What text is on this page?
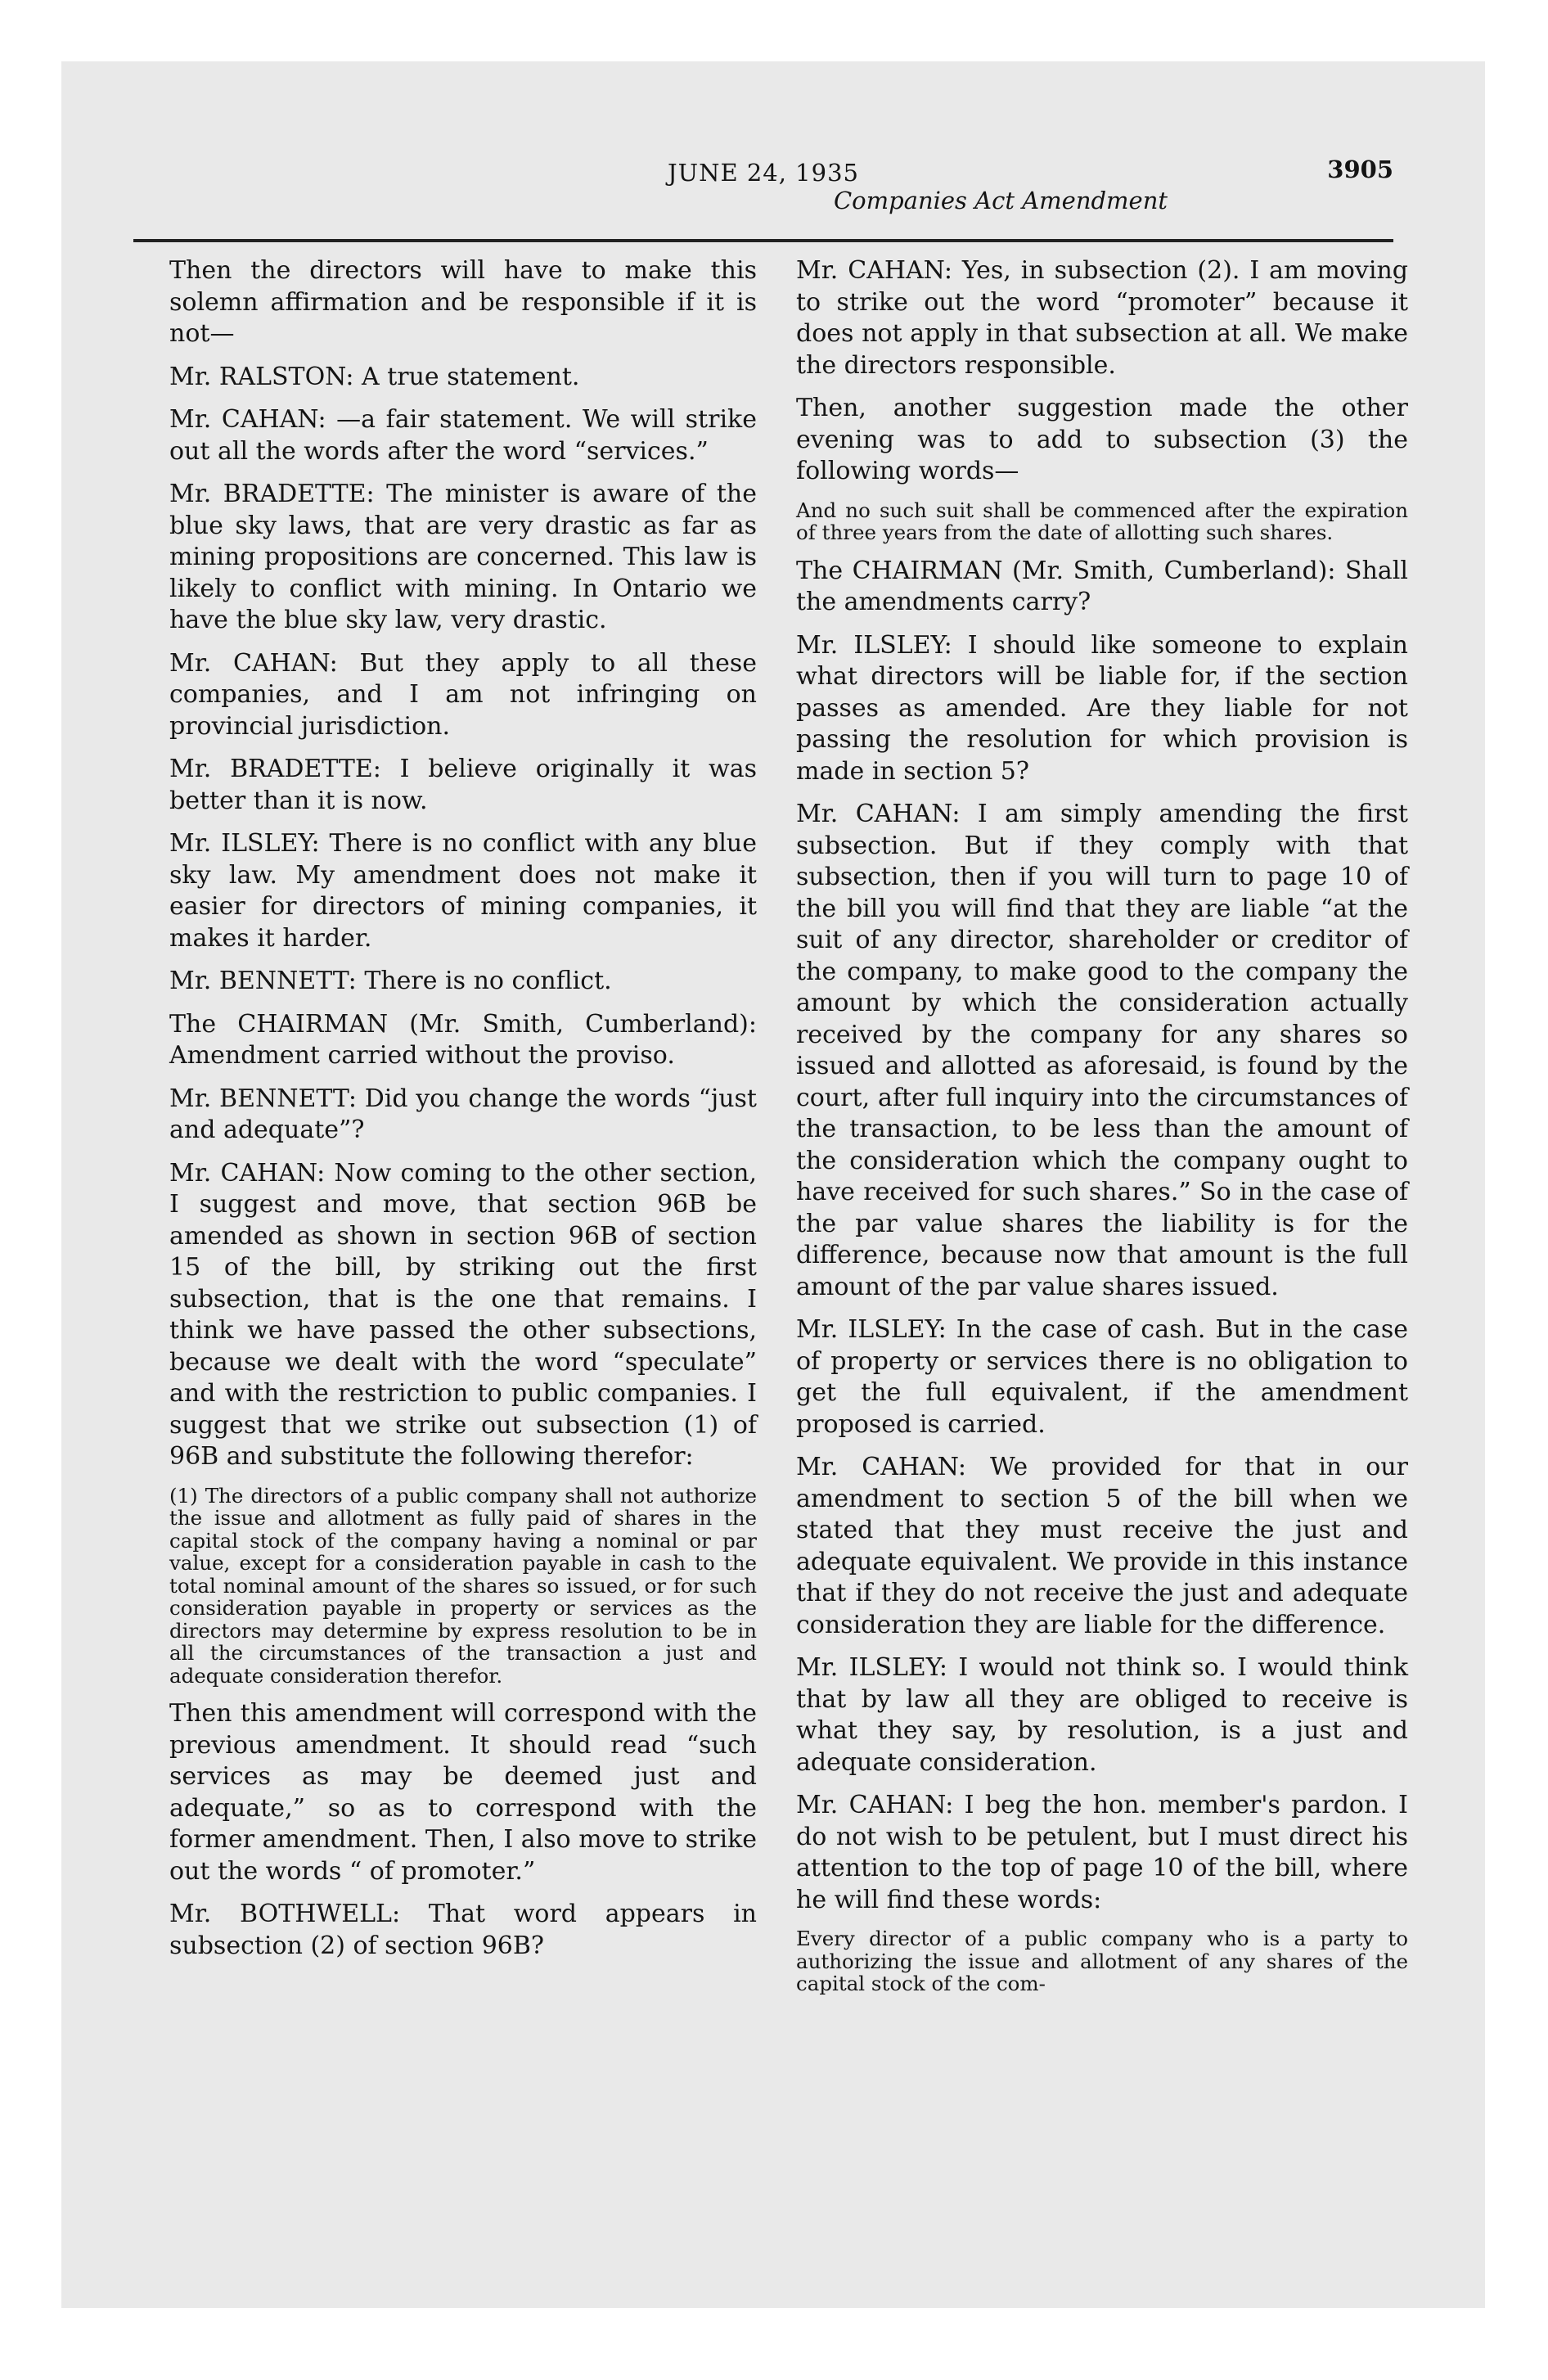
JUNE 24, 1935	3905
Companies Act Amendment

Then the directors will have to make this solemn affirmation and be responsible if it is not—

Mr. RALSTON: A true statement.

Mr. CAHAN: —a fair statement. We will strike out all the words after the word “services.”

Mr. BRADETTE: The minister is aware of the blue sky laws, that are very drastic as far as mining propositions are concerned. This law is likely to conflict with mining. In Ontario we have the blue sky law, very drastic.

Mr. CAHAN: But they apply to all these companies, and I am not infringing on provincial jurisdiction.

Mr. BRADETTE: I believe originally it was better than it is now.

Mr. ILSLEY: There is no conflict with any blue sky law. My amendment does not make it easier for directors of mining companies, it makes it harder.

Mr. BENNETT: There is no conflict.

The CHAIRMAN (Mr. Smith, Cumberland): Amendment carried without the proviso.

Mr. BENNETT: Did you change the words “just and adequate”?

Mr. CAHAN: Now coming to the other section, I suggest and move, that section 96B be amended as shown in section 96B of section 15 of the bill, by striking out the first subsection, that is the one that remains. I think we have passed the other subsections, because we dealt with the word “speculate” and with the restriction to public companies. I suggest that we strike out subsection (1) of 96B and substitute the following therefor:

(1) The directors of a public company shall not authorize the issue and allotment as fully paid of shares in the capital stock of the company having a nominal or par value, except for a consideration payable in cash to the total nominal amount of the shares so issued, or for such consideration payable in property or services as the directors may determine by express resolution to be in all the circumstances of the transaction a just and adequate consideration therefor.

Then this amendment will correspond with the previous amendment. It should read “such services as may be deemed just and adequate,” so as to correspond with the former amendment. Then, I also move to strike out the words “ of promoter.”

Mr. BOTHWELL: That word appears in subsection (2) of section 96B?

Mr. CAHAN: Yes, in subsection (2). I am moving to strike out the word “promoter” because it does not apply in that subsection at all. We make the directors responsible.

Then, another suggestion made the other evening was to add to subsection (3) the following words—

And no such suit shall be commenced after the expiration of three years from the date of allotting such shares.

The CHAIRMAN (Mr. Smith, Cumberland): Shall the amendments carry?

Mr. ILSLEY: I should like someone to explain what directors will be liable for, if the section passes as amended. Are they liable for not passing the resolution for which provision is made in section 5?

Mr. CAHAN: I am simply amending the first subsection. But if they comply with that subsection, then if you will turn to page 10 of the bill you will find that they are liable “at the suit of any director, shareholder or creditor of the company, to make good to the company the amount by which the consideration actually received by the company for any shares so issued and allotted as aforesaid, is found by the court, after full inquiry into the circumstances of the transaction, to be less than the amount of the consideration which the company ought to have received for such shares.” So in the case of the par value shares the liability is for the difference, because now that amount is the full amount of the par value shares issued.

Mr. ILSLEY: In the case of cash. But in the case of property or services there is no obligation to get the full equivalent, if the amendment proposed is carried.

Mr. CAHAN: We provided for that in our amendment to section 5 of the bill when we stated that they must receive the just and adequate equivalent. We provide in this instance that if they do not receive the just and adequate consideration they are liable for the difference.

Mr. ILSLEY: I would not think so. I would think that by law all they are obliged to receive is what they say, by resolution, is a just and adequate consideration.

Mr. CAHAN: I beg the hon. member's pardon. I do not wish to be petulent, but I must direct his attention to the top of page 10 of the bill, where he will find these words:

Every director of a public company who is a party to authorizing the issue and allotment of any shares of the capital stock of the com-
